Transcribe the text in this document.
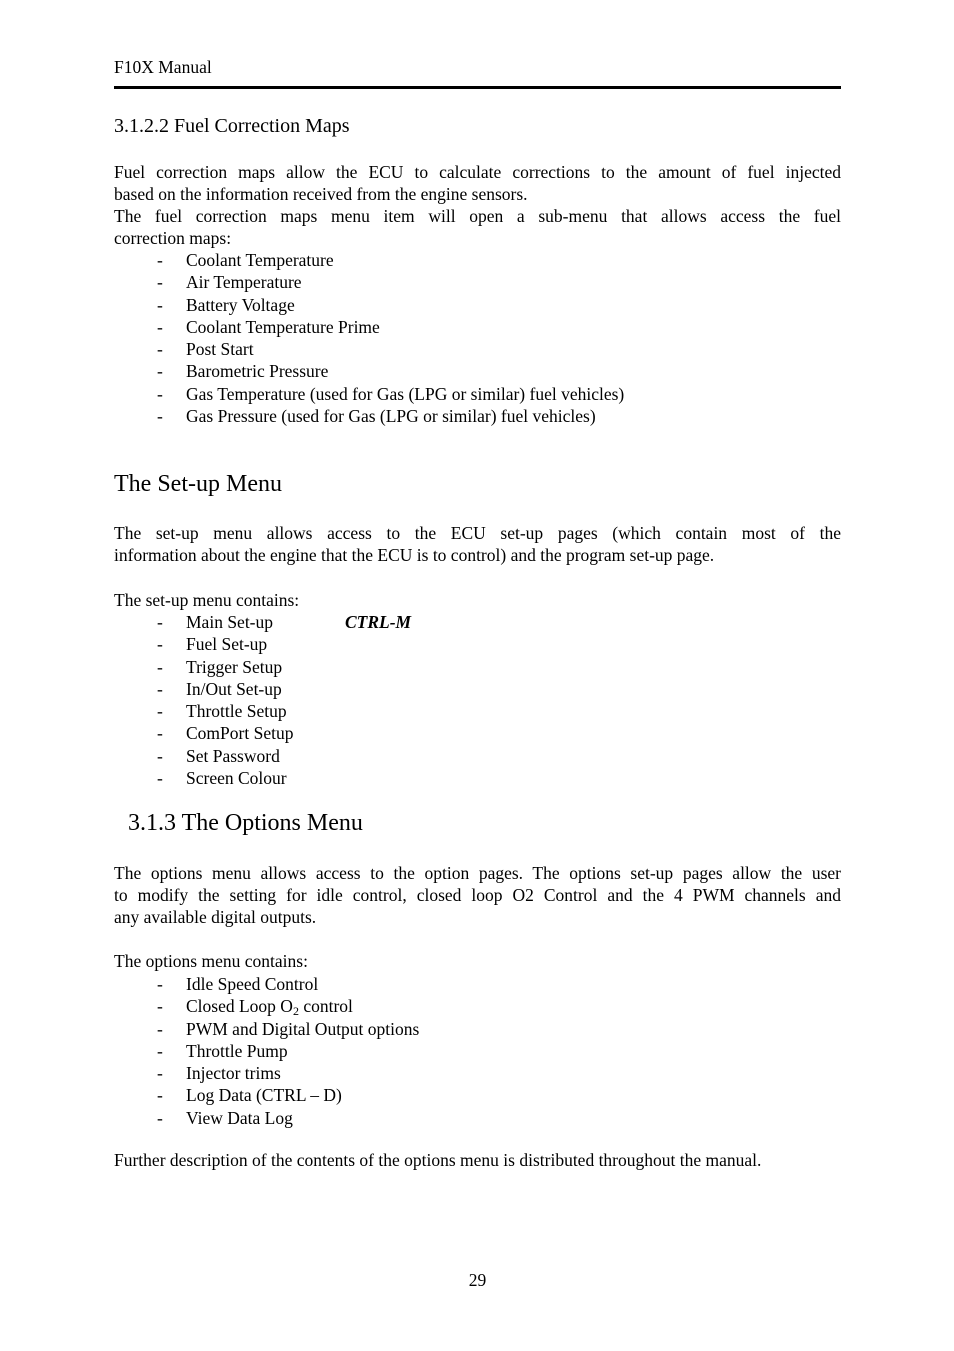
F10X Manual
3.1.2.2 Fuel Correction Maps

Fuel correction maps allow the ECU to calculate corrections to the amount of fuel injected
based on the information received from the engine sensors.
The fuel correction maps menu item will open a sub-menu that allows access the fuel
correction maps:

- Coolant Temperature
- Air Temperature
- Battery Voltage
- Coolant Temperature Prime
- Post Start
- Barometric Pressure
- Gas Temperature (used for Gas (LPG or similar) fuel vehicles)
- Gas Pressure (used for Gas (LPG or similar) fuel vehicles)
The Set-up Menu

The set-up menu allows access to the ECU set-up pages (which contain most of the
information about the engine that the ECU is to control) and the program set-up page.

The set-up menu contains:
- Main Set-up	CTRL-M
- Fuel Set-up
- Trigger Setup
- In/Out Set-up
- Throttle Setup
- ComPort Setup
- Set Password
- Screen Colour
3.1.3 The Options Menu

The options menu allows access to the option pages. The options set-up pages allow the user
to modify the setting for idle control, closed loop O2 Control and the 4 PWM channels and
any available digital outputs.

The options menu contains:
- Idle Speed Control
- Closed Loop $O_2$ control
- PWM and Digital Output options
- Throttle Pump
- Injector trims
- Log Data (CTRL – D)
- View Data Log
Further description of the contents of the options menu is distributed throughout the manual.
29
